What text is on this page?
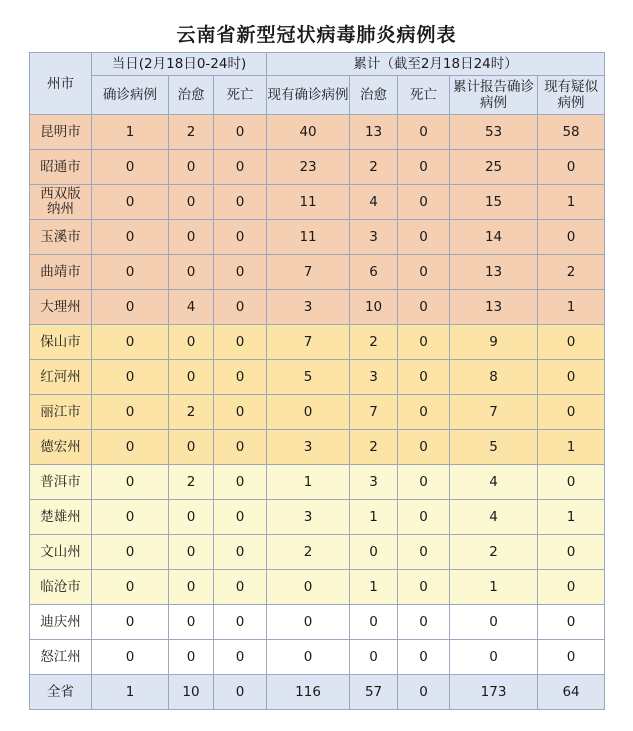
云南省新型冠状病毒肺炎病例表
州市	当日(2月18日0-24时)			累计（截至2月18日24时）				
	确诊病例	治愈	死亡	现有确诊病例	治愈	死亡	累计报告确诊病例	现有疑似病例
昆明市	1	2	0	40	13	0	53	58
昭通市	0	0	0	23	2	0	25	0
西双版纳州	0	0	0	11	4	0	15	1
玉溪市	0	0	0	11	3	0	14	0
曲靖市	0	0	0	7	6	0	13	2
大理州	0	4	0	3	10	0	13	1
保山市	0	0	0	7	2	0	9	0
红河州	0	0	0	5	3	0	8	0
丽江市	0	2	0	0	7	0	7	0
德宏州	0	0	0	3	2	0	5	1
普洱市	0	2	0	1	3	0	4	0
楚雄州	0	0	0	3	1	0	4	1
文山州	0	0	0	2	0	0	2	0
临沧市	0	0	0	0	1	0	1	0
迪庆州	0	0	0	0	0	0	0	0
怒江州	0	0	0	0	0	0	0	0
全省	1	10	0	116	57	0	173	64
